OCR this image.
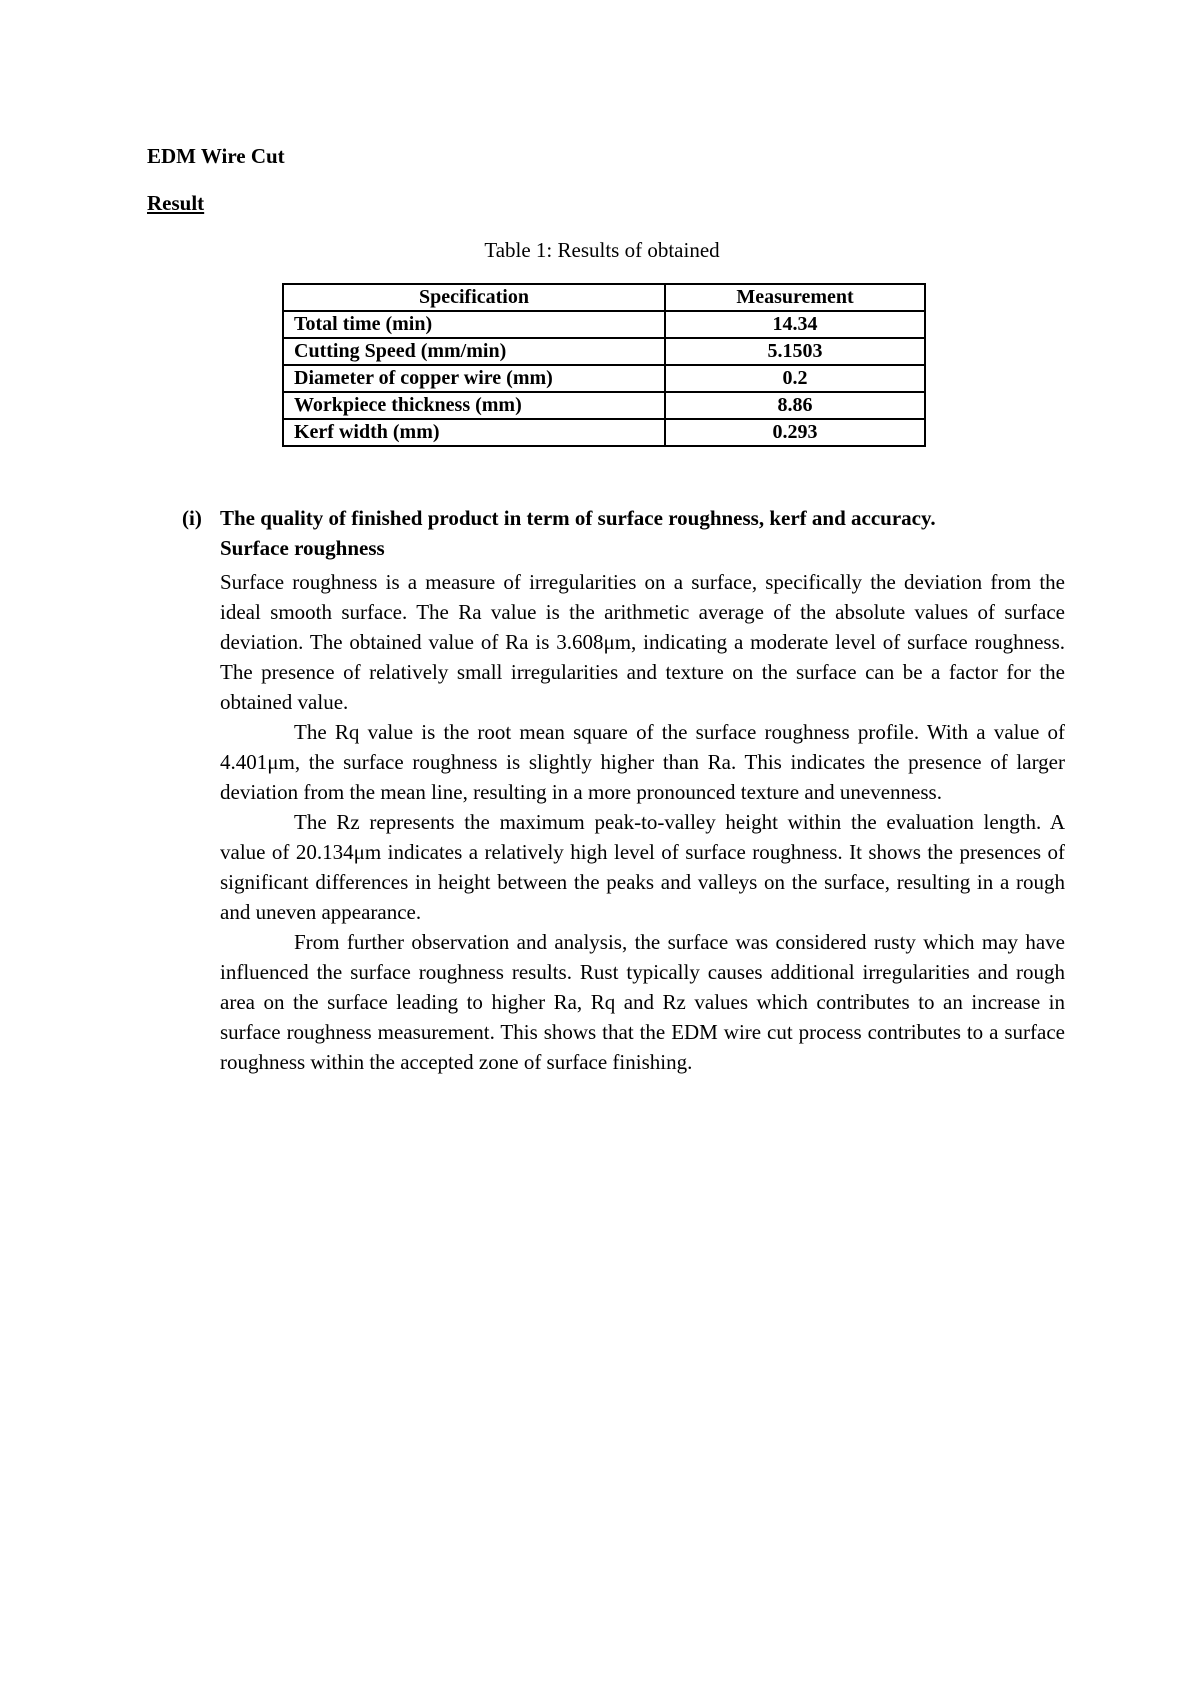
EDM Wire Cut
Result
Table 1: Results of obtained
Specification	Measurement
Total time (min)	14.34
Cutting Speed (mm/min)	5.1503
Diameter of copper wire (mm)	0.2
Workpiece thickness (mm)	8.86
Kerf width (mm)	0.293
(i) The quality of finished product in term of surface roughness, kerf and accuracy.
Surface roughness

Surface roughness is a measure of irregularities on a surface, specifically the deviation from the ideal smooth surface. The Ra value is the arithmetic average of the absolute values of surface deviation. The obtained value of Ra is 3.608μm, indicating a moderate level of surface roughness. The presence of relatively small irregularities and texture on the surface can be a factor for the obtained value.

The Rq value is the root mean square of the surface roughness profile. With a value of 4.401μm, the surface roughness is slightly higher than Ra. This indicates the presence of larger deviation from the mean line, resulting in a more pronounced texture and unevenness.

The Rz represents the maximum peak-to-valley height within the evaluation length. A value of 20.134μm indicates a relatively high level of surface roughness. It shows the presences of significant differences in height between the peaks and valleys on the surface, resulting in a rough and uneven appearance.

From further observation and analysis, the surface was considered rusty which may have influenced the surface roughness results. Rust typically causes additional irregularities and rough area on the surface leading to higher Ra, Rq and Rz values which contributes to an increase in surface roughness measurement. This shows that the EDM wire cut process contributes to a surface roughness within the accepted zone of surface finishing.
